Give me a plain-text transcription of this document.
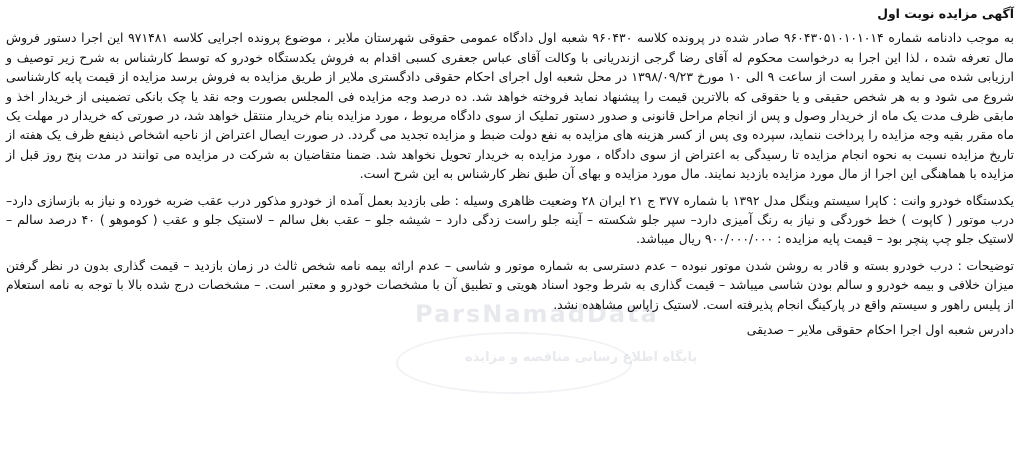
آگهی مزایده نوبت اول

به موجب دادنامه شماره ۹۶۰۴۳۰۵۱۰۱۰۱۰۱۴ صادر شده در پرونده کلاسه ۹۶۰۴۳۰ شعبه اول دادگاه عمومی حقوقی شهرستان ملایر ، موضوع پرونده اجرایی کلاسه ۹۷۱۴۸۱ این اجرا دستور فروش مال تعرفه شده ، لذا این اجرا به درخواست محکوم له آقای رضا گرجی ازندریانی با وکالت آقای عباس جعفری کسبی اقدام به فروش یکدستگاه خودرو که توسط کارشناس به شرح زیر توصیف و ارزیابی شده می نماید و مقرر است از ساعت ۹ الی ۱۰ مورخ ۱۳۹۸/۰۹/۲۳ در محل شعبه اول اجرای احکام حقوقی دادگستری ملایر از طریق مزایده به فروش برسد مزایده از قیمت پایه کارشناسی شروع می شود و به هر شخص حقیقی و یا حقوقی که بالاترین قیمت را پیشنهاد نماید فروخته خواهد شد. ده درصد وجه مزایده فی المجلس بصورت وجه نقد یا چک بانکی تضمینی از خریدار اخذ و مابقی ظرف مدت یک ماه از خریدار وصول و پس از انجام مراحل قانونی و صدور دستور تملیک از سوی دادگاه مربوط ، مورد مزایده بنام خریدار منتقل خواهد شد، در صورتی که خریدار در مهلت یک ماه مقرر بقیه وجه مزایده را پرداخت ننماید، سپرده وی پس از کسر هزینه های مزایده به نفع دولت ضبط و مزایده تجدید می گردد. در صورت ایصال اعتراض از ناحیه اشخاص ذینفع ظرف یک هفته از تاریخ مزایده نسبت به نحوه انجام مزایده تا رسیدگی به اعتراض از سوی دادگاه ، مورد مزایده به خریدار تحویل نخواهد شد. ضمنا متقاضیان به شرکت در مزایده می توانند در مدت پنج روز قبل از مزایده با هماهنگی این اجرا از مال مورد مزایده بازدید نمایند. مال مورد مزایده و بهای آن طبق نظر کارشناس به این شرح است.

یکدستگاه خودرو وانت : کاپرا سیستم وینگل مدل ۱۳۹۲ با شماره ۳۷۷ ج ۲۱ ایران ۲۸ وضعیت ظاهری وسیله : طی بازدید بعمل آمده از خودرو مذکور درب عقب ضربه خورده و نیاز به بازسازی دارد– درب موتور ( کاپوت ) خط خوردگی و نیاز به رنگ آمیزی دارد– سپر جلو شکسته – آینه جلو راست زدگی دارد – شیشه جلو – عقب بغل سالم – لاستیک جلو و عقب ( کوموهو ) ۴۰ درصد سالم – لاستیک جلو چپ پنچر بود – قیمت پایه مزایده : ۹۰۰/۰۰۰/۰۰۰ ریال میباشد.

توضیحات : درب خودرو بسته و قادر به روشن شدن موتور نبوده – عدم دسترسی به شماره موتور و شاسی – عدم ارائه بیمه نامه شخص ثالث در زمان بازدید – قیمت گذاری بدون در نظر گرفتن میزان خلافی و بیمه خودرو و سالم بودن شاسی میباشد – قیمت گذاری به شرط وجود اسناد هویتی و تطبیق آن با مشخصات خودرو و معتبر است. – مشخصات درج شده بالا با توجه به نامه استعلام از پلیس راهور و سیستم واقع در پارکینگ انجام پذیرفته است. لاستیک زاپاس مشاهده نشد.

دادرس شعبه اول اجرا احکام حقوقی ملایر – صدیقی

ParsNamadData
پایگاه اطلاع رسانی مناقصه و مزایده
